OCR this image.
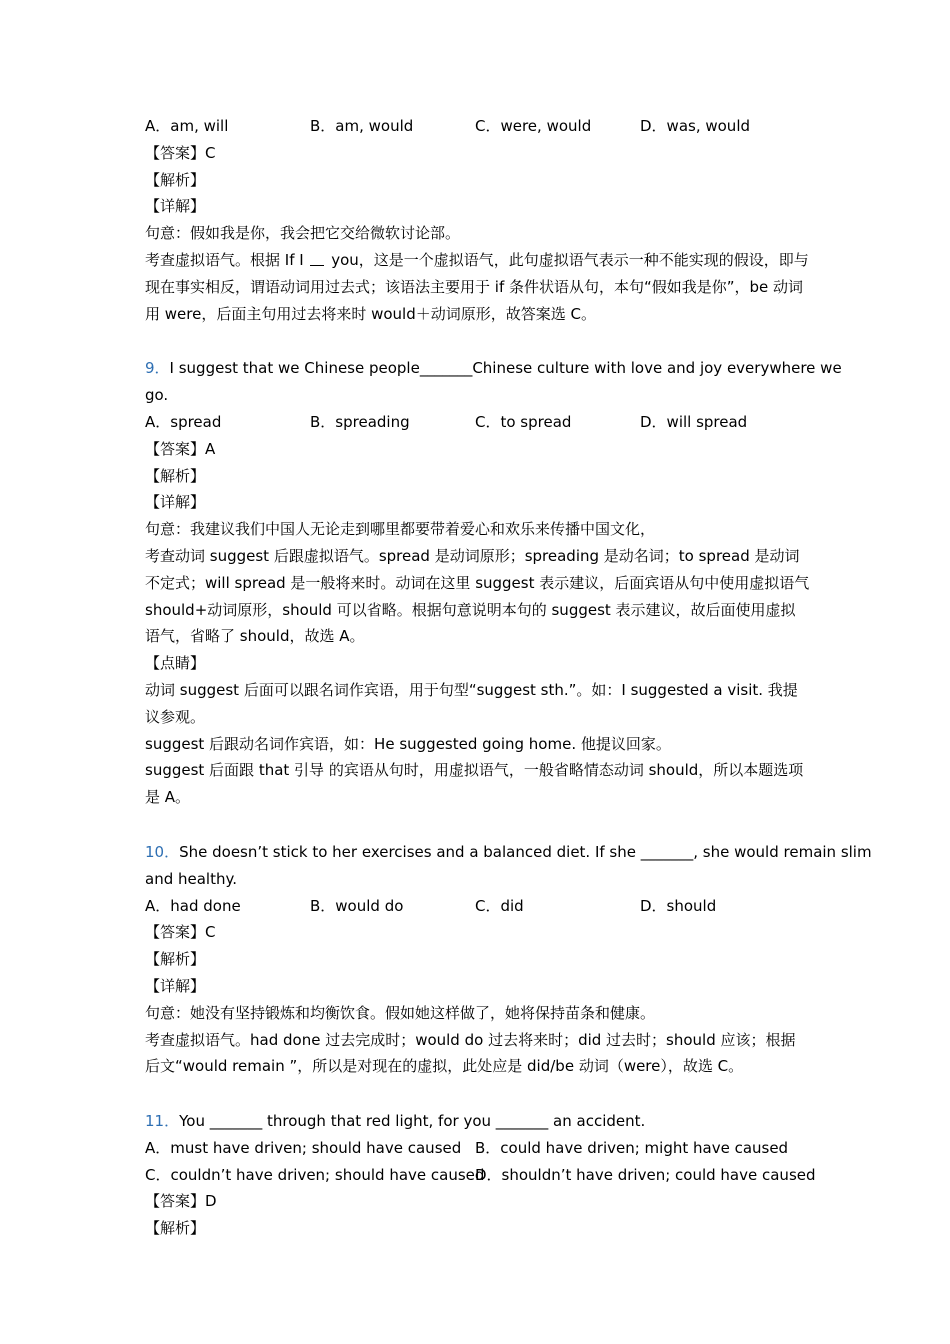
A．am, will	B．am, would	C．were, would	D．was, would
【答案】C
【解析】
【详解】
句意：假如我是你，我会把它交给微软讨论部。
考查虚拟语气。根据 If I  you，这是一个虚拟语气，此句虚拟语气表示一种不能实现的假设，即与现在事实相反，谓语动词用过去式；该语法主要用于 if 条件状语从句，本句“假如我是你”，be 动词用 were，后面主句用过去将来时 would＋动词原形，故答案选 C。
9．I suggest that we Chinese people_______Chinese culture with love and joy everywhere we
go.
A．spread	B．spreading	C．to spread	D．will spread
【答案】A
【解析】
【详解】
句意：我建议我们中国人无论走到哪里都要带着爱心和欢乐来传播中国文化，
考查动词 suggest 后跟虚拟语气。spread 是动词原形；spreading 是动名词；to spread 是动词不定式；will spread 是一般将来时。动词在这里 suggest 表示建议，后面宾语从句中使用虚拟语气 should+动词原形，should 可以省略。根据句意说明本句的 suggest 表示建议，故后面使用虚拟语气，省略了 should，故选 A。
【点睛】
动词 suggest 后面可以跟名词作宾语，用于句型“suggest sth.”。如：I suggested a visit. 我提议参观。
suggest 后跟动名词作宾语，如：He suggested going home. 他提议回家。
suggest 后面跟 that 引导 的宾语从句时，用虚拟语气，一般省略情态动词 should，所以本题选项是 A。
10．She doesn’t stick to her exercises and a balanced diet. If she _______, she would remain slim
and healthy.
A．had done	B．would do	C．did	D．should
【答案】C
【解析】
【详解】
句意：她没有坚持锻炼和均衡饮食。假如她这样做了，她将保持苗条和健康。
考查虚拟语气。had done 过去完成时；would do 过去将来时；did 过去时；should 应该；根据后文“would remain ”，所以是对现在的虚拟，此处应是 did/be 动词（were），故选 C。
11．You _______ through that red light, for you _______ an accident.
A．must have driven; should have caused B．could have driven; might have caused
C．couldn’t have driven; should have caused
D．shouldn’t have driven; could have caused
【答案】D
【解析】
